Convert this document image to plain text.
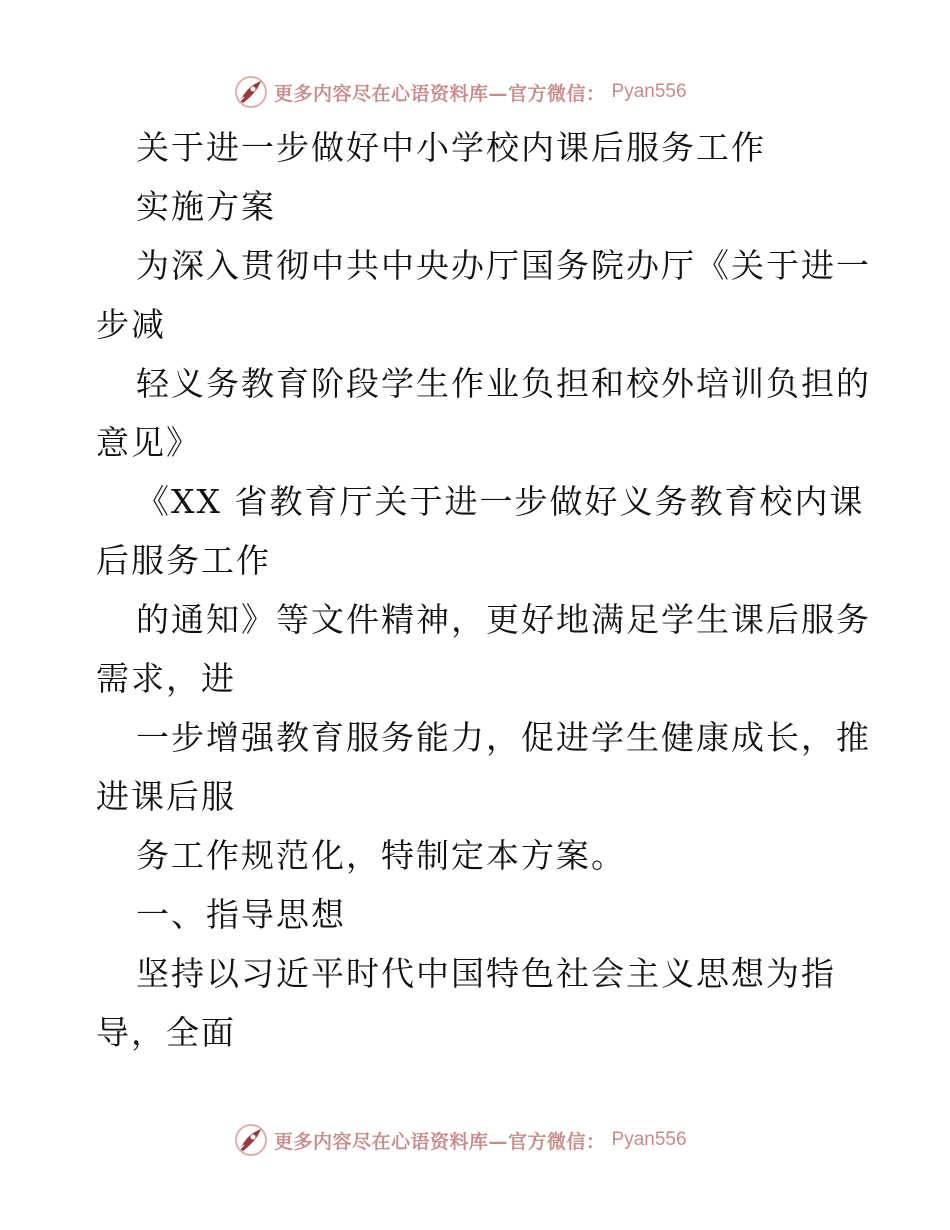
更多内容尽在心语资料库—官方微信： Pyan556
关于进一步做好中小学校内课后服务工作
实施方案
为深入贯彻中共中央办厅国务院办厅《关于进一
步减
轻义务教育阶段学生作业负担和校外培训负担的
意见》
《XX 省教育厅关于进一步做好义务教育校内课
后服务工作
的通知》等文件精神，更好地满足学生课后服务
需求，进
一步增强教育服务能力，促进学生健康成长，推
进课后服
务工作规范化，特制定本方案。
一、指导思想
坚持以习近平时代中国特色社会主义思想为指
导，全面
更多内容尽在心语资料库—官方微信： Pyan556
